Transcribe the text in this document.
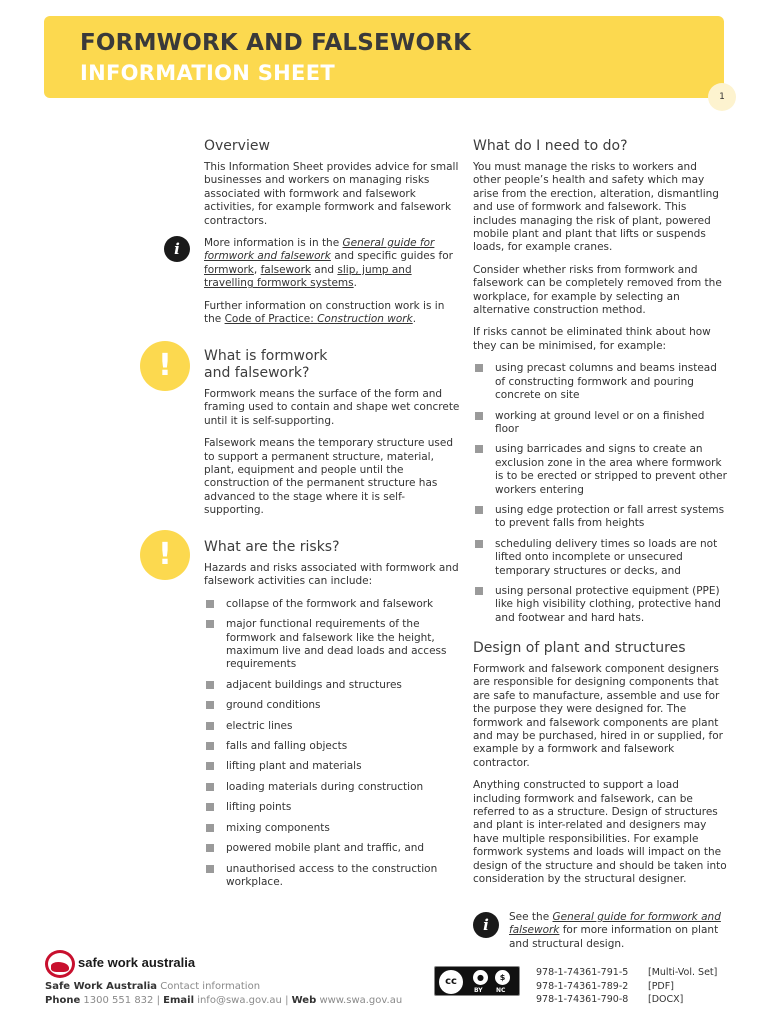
FORMWORK AND FALSEWORK
INFORMATION SHEET
1
i
!
!
Overview

This Information Sheet provides advice for small businesses and workers on managing risks associated with formwork and falsework activities, for example formwork and falsework contractors.

More information is in the General guide for formwork and falsework and specific guides for formwork, falsework and slip, jump and travelling formwork systems.

Further information on construction work is in the Code of Practice: Construction work.

What is formwork
and falsework?

Formwork means the surface of the form and framing used to contain and shape wet concrete until it is self-supporting.

Falsework means the temporary structure used to support a permanent structure, material, plant, equipment and people until the construction of the permanent structure has advanced to the stage where it is self-supporting.

What are the risks?

Hazards and risks associated with formwork and falsework activities can include:

collapse of the formwork and falsework
major functional requirements of the formwork and falsework like the height, maximum live and dead loads and access requirements
adjacent buildings and structures
ground conditions
electric lines
falls and falling objects
lifting plant and materials
loading materials during construction
lifting points
mixing components
powered mobile plant and traffic, and
unauthorised access to the construction workplace.
What do I need to do?

You must manage the risks to workers and other people’s health and safety which may arise from the erection, alteration, dismantling and use of formwork and falsework. This includes managing the risk of plant, powered mobile plant and plant that lifts or suspends loads, for example cranes.

Consider whether risks from formwork and falsework can be completely removed from the workplace, for example by selecting an alternative construction method.

If risks cannot be eliminated think about how they can be minimised, for example:

using precast columns and beams instead of constructing formwork and pouring concrete on site
working at ground level or on a finished floor
using barricades and signs to create an exclusion zone in the area where formwork is to be erected or stripped to prevent other workers entering
using edge protection or fall arrest systems to prevent falls from heights
scheduling delivery times so loads are not lifted onto incomplete or unsecured temporary structures or decks, and
using personal protective equipment (PPE) like high visibility clothing, protective hand and footwear and hard hats.
Design of plant and structures

Formwork and falsework component designers are responsible for designing components that are safe to manufacture, assemble and use for the purpose they were designed for. The formwork and falsework components are plant and may be purchased, hired in or supplied, for example by a formwork and falsework contractor.

Anything constructed to support a load including formwork and falsework, can be referred to as a structure. Design of structures and plant is inter-related and designers may have multiple responsibilities. For example formwork systems and loads will impact on the design of the structure and should be taken into consideration by the structural designer.

i	See the General guide for formwork and falsework for more information on plant and structural design.

safe work australia
Safe Work Australia Contact information
Phone 1300 551 832 | Email info@swa.gov.au | Web www.swa.gov.au
cc	●	$
BY NC
978-1-74361-791-5	[Multi-Vol. Set]
978-1-74361-789-2	[PDF]
978-1-74361-790-8	[DOCX]
